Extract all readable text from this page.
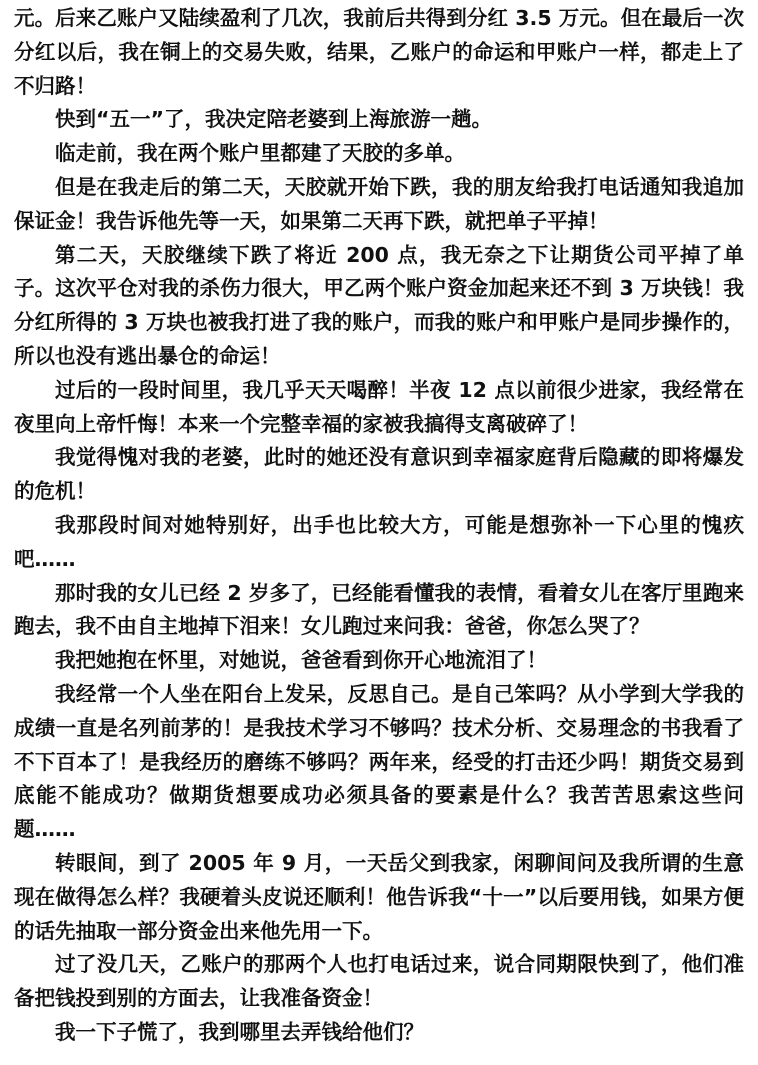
元。后来乙账户又陆续盈利了几次，我前后共得到分红 3.5 万元。但在最后一次分红以后，我在铜上的交易失败，结果，乙账户的命运和甲账户一样，都走上了不归路！

快到“五一”了，我决定陪老婆到上海旅游一趟。

临走前，我在两个账户里都建了天胶的多单。

但是在我走后的第二天，天胶就开始下跌，我的朋友给我打电话通知我追加保证金！我告诉他先等一天，如果第二天再下跌，就把单子平掉！

第二天，天胶继续下跌了将近 200 点，我无奈之下让期货公司平掉了单子。这次平仓对我的杀伤力很大，甲乙两个账户资金加起来还不到 3 万块钱！我分红所得的 3 万块也被我打进了我的账户，而我的账户和甲账户是同步操作的，所以也没有逃出暴仓的命运！

过后的一段时间里，我几乎天天喝醉！半夜 12 点以前很少进家，我经常在夜里向上帝忏悔！本来一个完整幸福的家被我搞得支离破碎了！

我觉得愧对我的老婆，此时的她还没有意识到幸福家庭背后隐藏的即将爆发的危机！

我那段时间对她特别好，出手也比较大方，可能是想弥补一下心里的愧疚吧……

那时我的女儿已经 2 岁多了，已经能看懂我的表情，看着女儿在客厅里跑来跑去，我不由自主地掉下泪来！女儿跑过来问我：爸爸，你怎么哭了？

我把她抱在怀里，对她说，爸爸看到你开心地流泪了！

我经常一个人坐在阳台上发呆，反思自己。是自己笨吗？从小学到大学我的成绩一直是名列前茅的！是我技术学习不够吗？技术分析、交易理念的书我看了不下百本了！是我经历的磨练不够吗？两年来，经受的打击还少吗！期货交易到底能不能成功？做期货想要成功必须具备的要素是什么？我苦苦思索这些问题……

转眼间，到了 2005 年 9 月，一天岳父到我家，闲聊间问及我所谓的生意现在做得怎么样？我硬着头皮说还顺利！他告诉我“十一”以后要用钱，如果方便的话先抽取一部分资金出来他先用一下。

过了没几天，乙账户的那两个人也打电话过来，说合同期限快到了，他们准备把钱投到别的方面去，让我准备资金！

我一下子慌了，我到哪里去弄钱给他们？
